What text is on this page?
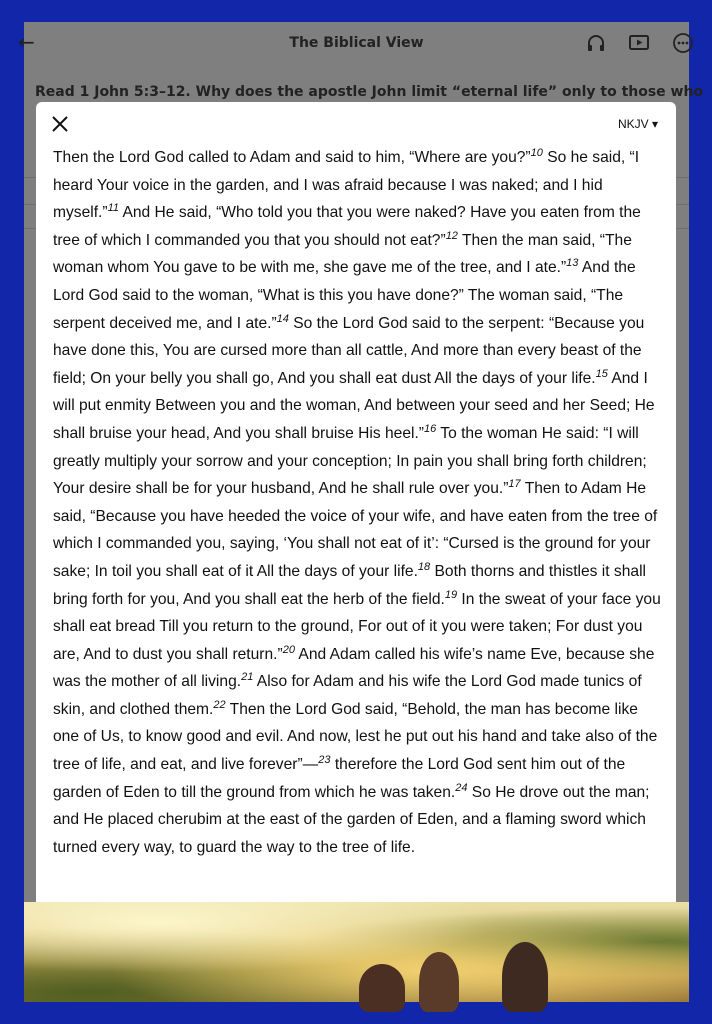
←	The Biblical View
Read 1 John 5:3–12. Why does the apostle John limit “eternal life” only to those who
NKJV ▾

Then the Lord God called to Adam and said to him, “Where are you?”$^{10}$ So he said, “I heard Your voice in the garden, and I was afraid because I was naked; and I hid myself.”$^{11}$ And He said, “Who told you that you were naked? Have you eaten from the tree of which I commanded you that you should not eat?”$^{12}$ Then the man said, “The woman whom You gave to be with me, she gave me of the tree, and I ate.”$^{13}$ And the Lord God said to the woman, “What is this you have done?” The woman said, “The serpent deceived me, and I ate.”$^{14}$ So the Lord God said to the serpent: “Because you have done this, You are cursed more than all cattle, And more than every beast of the field; On your belly you shall go, And you shall eat dust All the days of your life.$^{15}$ And I will put enmity Between you and the woman, And between your seed and her Seed; He shall bruise your head, And you shall bruise His heel.”$^{16}$ To the woman He said: “I will greatly multiply your sorrow and your conception; In pain you shall bring forth children; Your desire shall be for your husband, And he shall rule over you.”$^{17}$ Then to Adam He said, “Because you have heeded the voice of your wife, and have eaten from the tree of which I commanded you, saying, ‘You shall not eat of it’: “Cursed is the ground for your sake; In toil you shall eat of it All the days of your life.$^{18}$ Both thorns and thistles it shall bring forth for you, And you shall eat the herb of the field.$^{19}$ In the sweat of your face you shall eat bread Till you return to the ground, For out of it you were taken; For dust you are, And to dust you shall return.”$^{20}$ And Adam called his wife’s name Eve, because she was the mother of all living.$^{21}$ Also for Adam and his wife the Lord God made tunics of skin, and clothed them.$^{22}$ Then the Lord God said, “Behold, the man has become like one of Us, to know good and evil. And now, lest he put out his hand and take also of the tree of life, and eat, and live forever”—$^{23}$ therefore the Lord God sent him out of the garden of Eden to till the ground from which he was taken.$^{24}$ So He drove out the man; and He placed cherubim at the east of the garden of Eden, and a flaming sword which turned every way, to guard the way to the tree of life.
